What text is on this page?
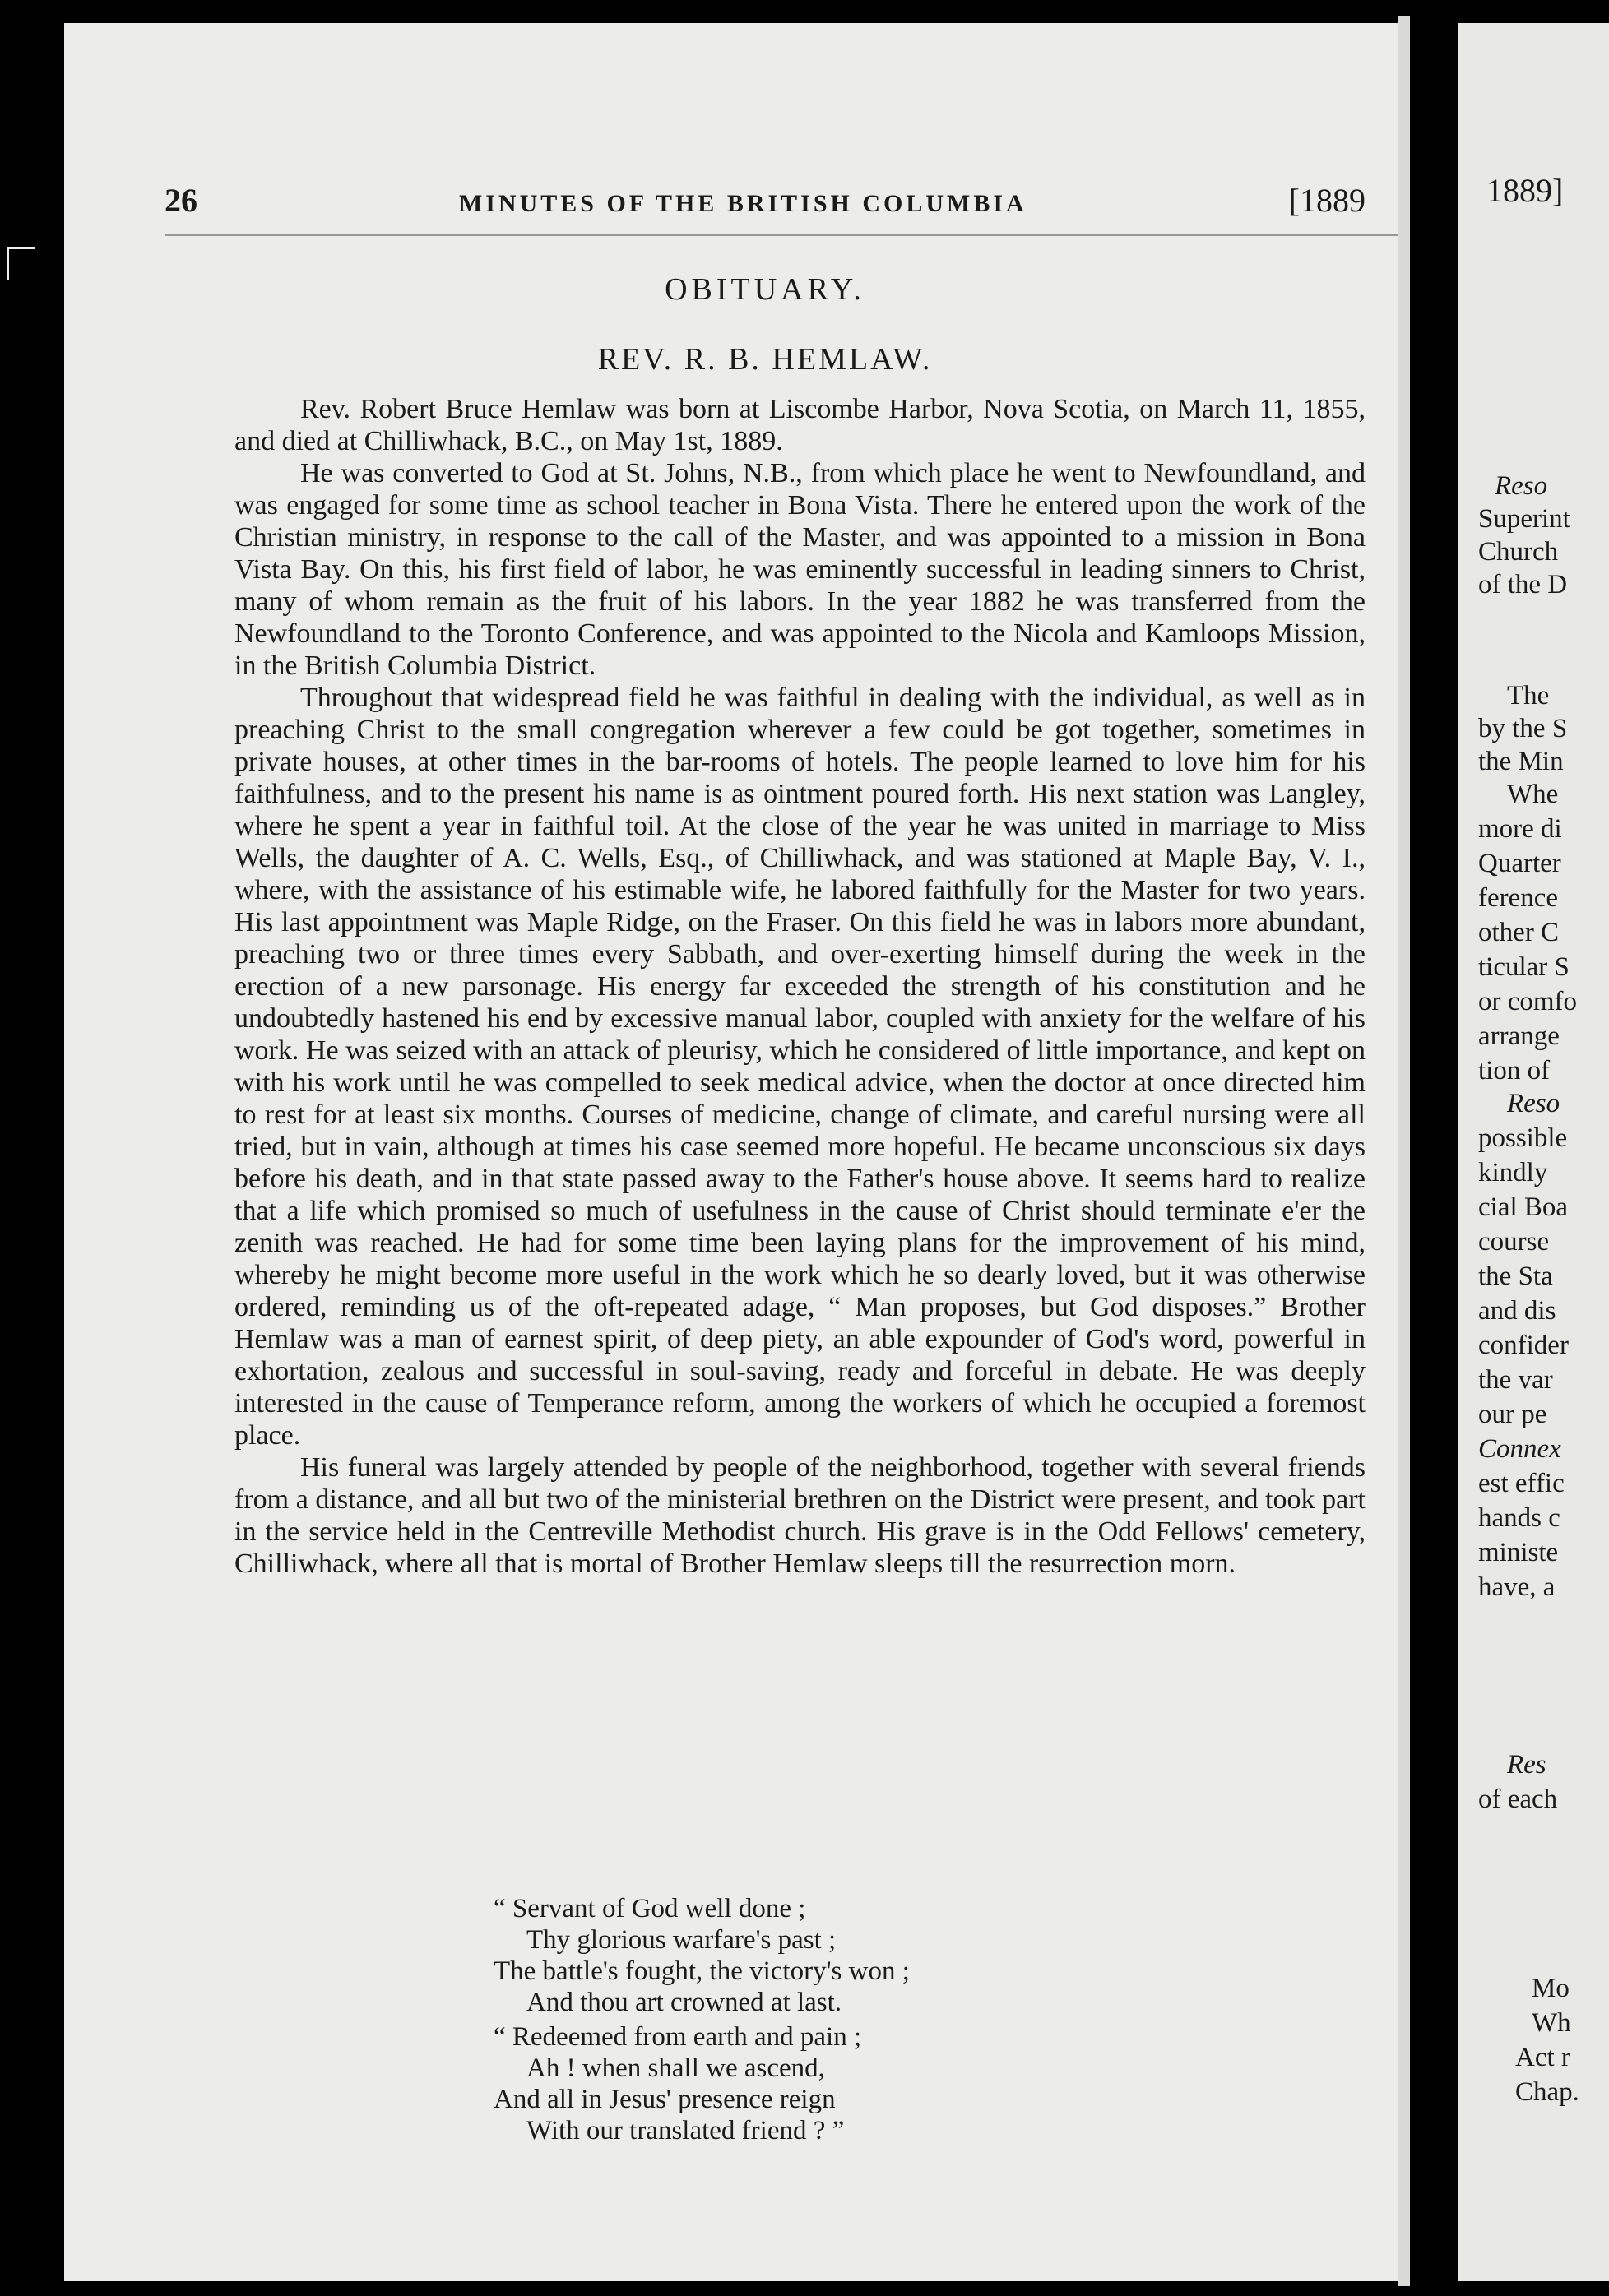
26	MINUTES OF THE BRITISH COLUMBIA	[1889
OBITUARY.
REV. R. B. HEMLAW.

Rev. Robert Bruce Hemlaw was born at Liscombe Harbor, Nova Scotia, on March 11, 1855, and died at Chilliwhack, B.C., on May 1st, 1889.

He was converted to God at St. Johns, N.B., from which place he went to Newfoundland, and was engaged for some time as school teacher in Bona Vista. There he entered upon the work of the Christian ministry, in response to the call of the Master, and was appointed to a mission in Bona Vista Bay. On this, his first field of labor, he was eminently successful in leading sinners to Christ, many of whom remain as the fruit of his labors. In the year 1882 he was transferred from the Newfoundland to the Toronto Conference, and was appointed to the Nicola and Kamloops Mission, in the British Columbia District.

Throughout that widespread field he was faithful in dealing with the individual, as well as in preaching Christ to the small congregation wherever a few could be got together, sometimes in private houses, at other times in the bar-rooms of hotels. The people learned to love him for his faithfulness, and to the present his name is as ointment poured forth. His next station was Langley, where he spent a year in faithful toil. At the close of the year he was united in marriage to Miss Wells, the daughter of A. C. Wells, Esq., of Chilliwhack, and was stationed at Maple Bay, V. I., where, with the assistance of his estimable wife, he labored faithfully for the Master for two years. His last appointment was Maple Ridge, on the Fraser. On this field he was in labors more abundant, preaching two or three times every Sabbath, and over-exerting himself during the week in the erection of a new parsonage. His energy far exceeded the strength of his constitution and he undoubtedly hastened his end by excessive manual labor, coupled with anxiety for the welfare of his work. He was seized with an attack of pleurisy, which he considered of little importance, and kept on with his work until he was compelled to seek medical advice, when the doctor at once directed him to rest for at least six months. Courses of medicine, change of climate, and careful nursing were all tried, but in vain, although at times his case seemed more hopeful. He became unconscious six days before his death, and in that state passed away to the Father's house above. It seems hard to realize that a life which promised so much of usefulness in the cause of Christ should terminate e'er the zenith was reached. He had for some time been laying plans for the improvement of his mind, whereby he might become more useful in the work which he so dearly loved, but it was otherwise ordered, reminding us of the oft-repeated adage, “ Man proposes, but God disposes.” Brother Hemlaw was a man of earnest spirit, of deep piety, an able expounder of God's word, powerful in exhortation, zealous and successful in soul-saving, ready and forceful in debate. He was deeply interested in the cause of Temperance reform, among the workers of which he occupied a foremost place.

His funeral was largely attended by people of the neighborhood, together with several friends from a distance, and all but two of the ministerial brethren on the District were present, and took part in the service held in the Centreville Methodist church. His grave is in the Odd Fellows' cemetery, Chilliwhack, where all that is mortal of Brother Hemlaw sleeps till the resurrection morn.

“ Servant of God well done ;
Thy glorious warfare's past ;
The battle's fought, the victory's won ;
And thou art crowned at last.
“ Redeemed from earth and pain ;
Ah ! when shall we ascend,
And all in Jesus' presence reign
With our translated friend ? ”
1889]
Reso
Superint
Church
of the D
The
by the S
the Min
Whe
more di
Quarter
ference
other C
ticular S
or comfo
arrange
tion of
Reso
possible
kindly
cial Boa
course
the Sta
and dis
confider
the var
our pe
Connex
est effic
hands c
ministe
have, a
Res
of each
Mo
Wh
Act r
Chap.
